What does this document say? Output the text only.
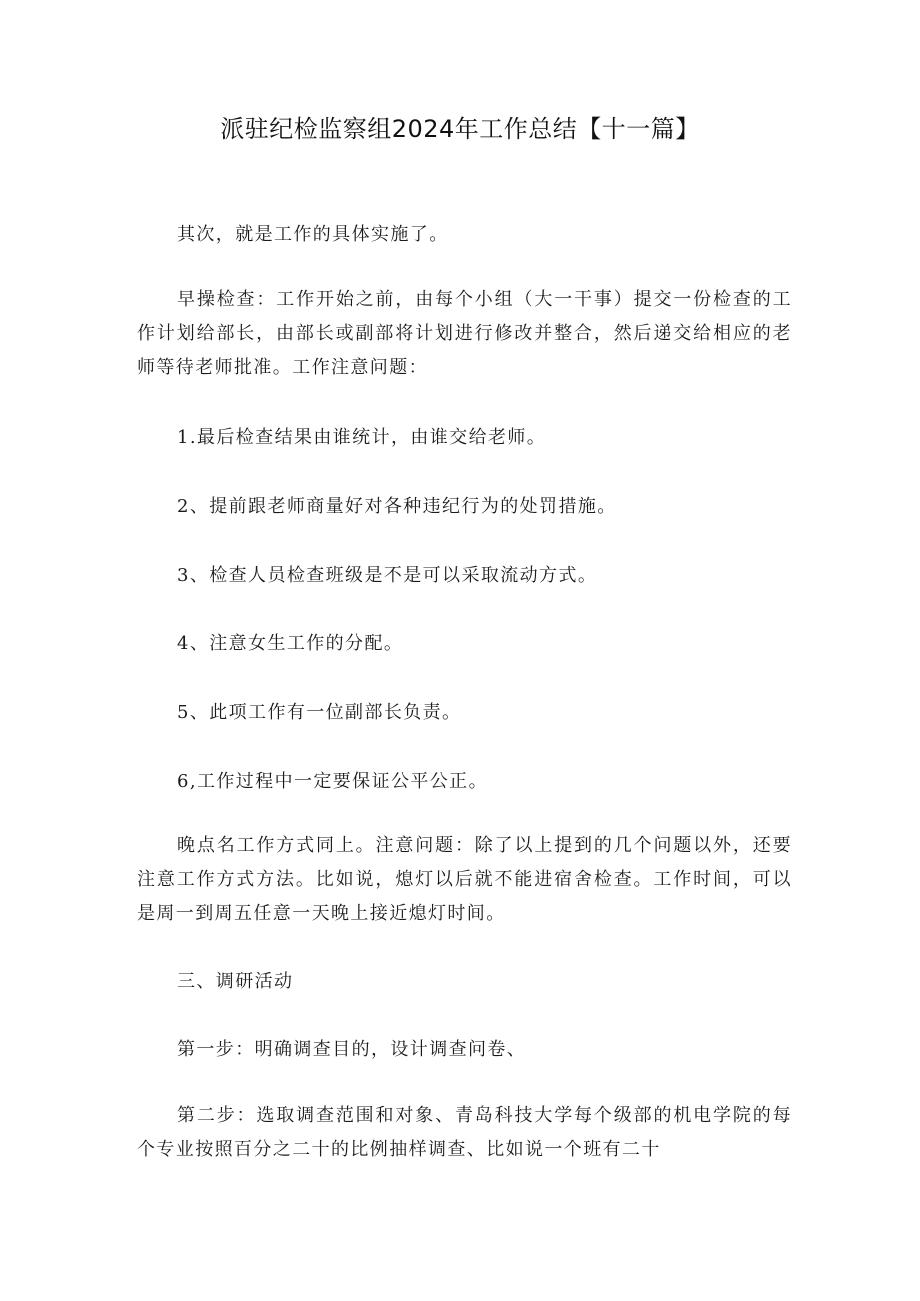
派驻纪检监察组2024年工作总结【十一篇】

其次，就是工作的具体实施了。

早操检查：工作开始之前，由每个小组（大一干事）提交一份检查的工作计划给部长，由部长或副部将计划进行修改并整合，然后递交给相应的老师等待老师批准。工作注意问题：

1.最后检查结果由谁统计，由谁交给老师。

2、提前跟老师商量好对各种违纪行为的处罚措施。

3、检查人员检查班级是不是可以采取流动方式。

4、注意女生工作的分配。

5、此项工作有一位副部长负责。

6,工作过程中一定要保证公平公正。

晚点名工作方式同上。注意问题：除了以上提到的几个问题以外，还要注意工作方式方法。比如说，熄灯以后就不能进宿舍检查。工作时间，可以是周一到周五任意一天晚上接近熄灯时间。

三、调研活动

第一步：明确调查目的，设计调查问卷、

第二步：选取调查范围和对象、青岛科技大学每个级部的机电学院的每个专业按照百分之二十的比例抽样调查、比如说一个班有二十
